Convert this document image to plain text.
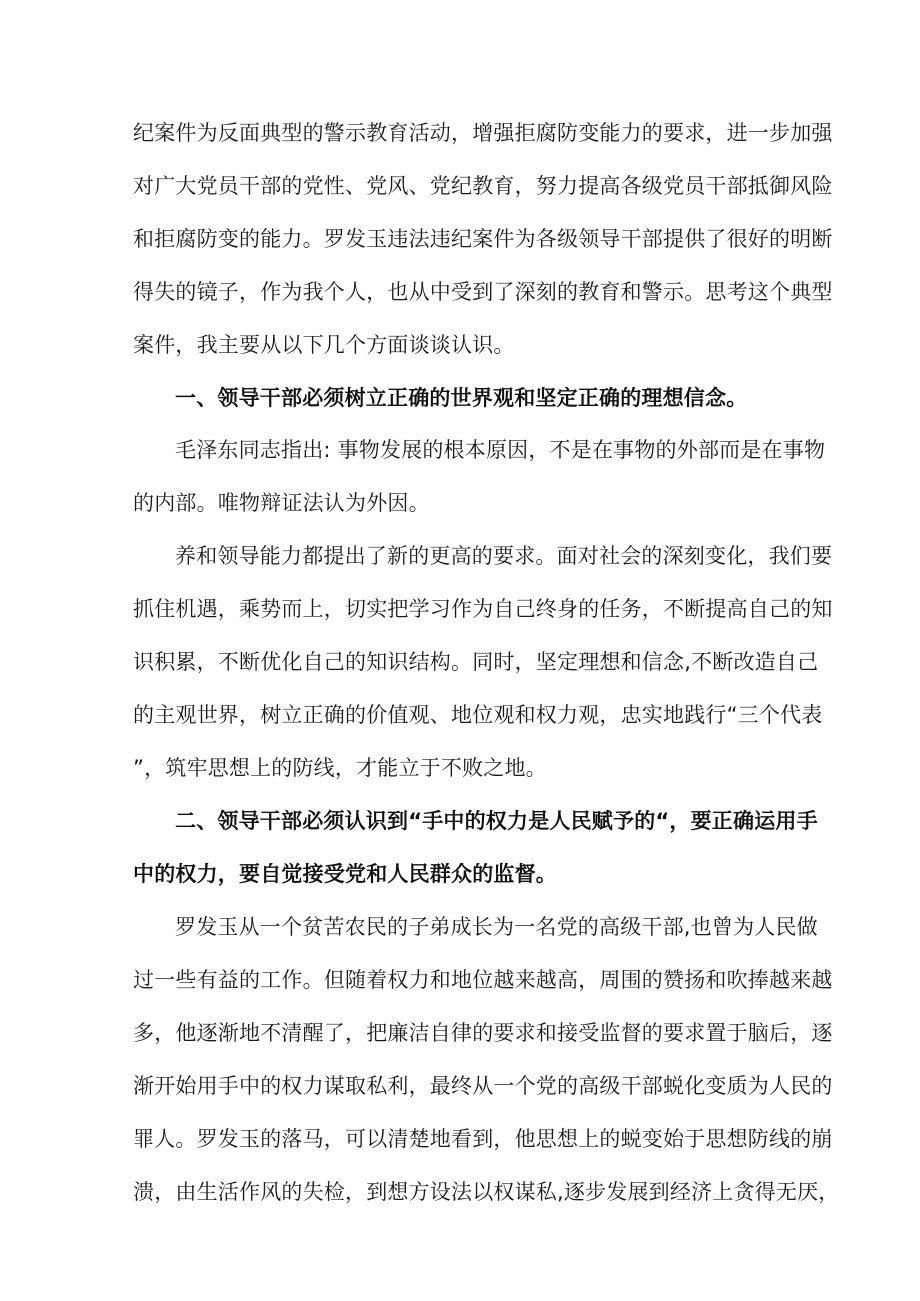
纪案件为反面典型的警示教育活动，增强拒腐防变能力的要求，进一步加强
对广大党员干部的党性、党风、党纪教育，努力提高各级党员干部抵御风险
和拒腐防变的能力。罗发玉违法违纪案件为各级领导干部提供了很好的明断
得失的镜子，作为我个人，也从中受到了深刻的教育和警示。思考这个典型
案件，我主要从以下几个方面谈谈认识。
一、领导干部必须树立正确的世界观和坚定正确的理想信念。
毛泽东同志指出: 事物发展的根本原因，不是在事物的外部而是在事物
的内部。唯物辩证法认为外因。
养和领导能力都提出了新的更高的要求。面对社会的深刻变化，我们要
抓住机遇，乘势而上，切实把学习作为自己终身的任务，不断提高自己的知
识积累，不断优化自己的知识结构。同时，坚定理想和信念,不断改造自己
的主观世界，树立正确的价值观、地位观和权力观，忠实地践行“三个代表
”，筑牢思想上的防线，才能立于不败之地。
二、领导干部必须认识到“手中的权力是人民赋予的“，要正确运用手
中的权力，要自觉接受党和人民群众的监督。
罗发玉从一个贫苦农民的子弟成长为一名党的高级干部,也曾为人民做
过一些有益的工作。但随着权力和地位越来越高，周围的赞扬和吹捧越来越
多，他逐渐地不清醒了，把廉洁自律的要求和接受监督的要求置于脑后，逐
渐开始用手中的权力谋取私利，最终从一个党的高级干部蜕化变质为人民的
罪人。罗发玉的落马，可以清楚地看到，他思想上的蜕变始于思想防线的崩
溃，由生活作风的失检，到想方设法以权谋私,逐步发展到经济上贪得无厌，
